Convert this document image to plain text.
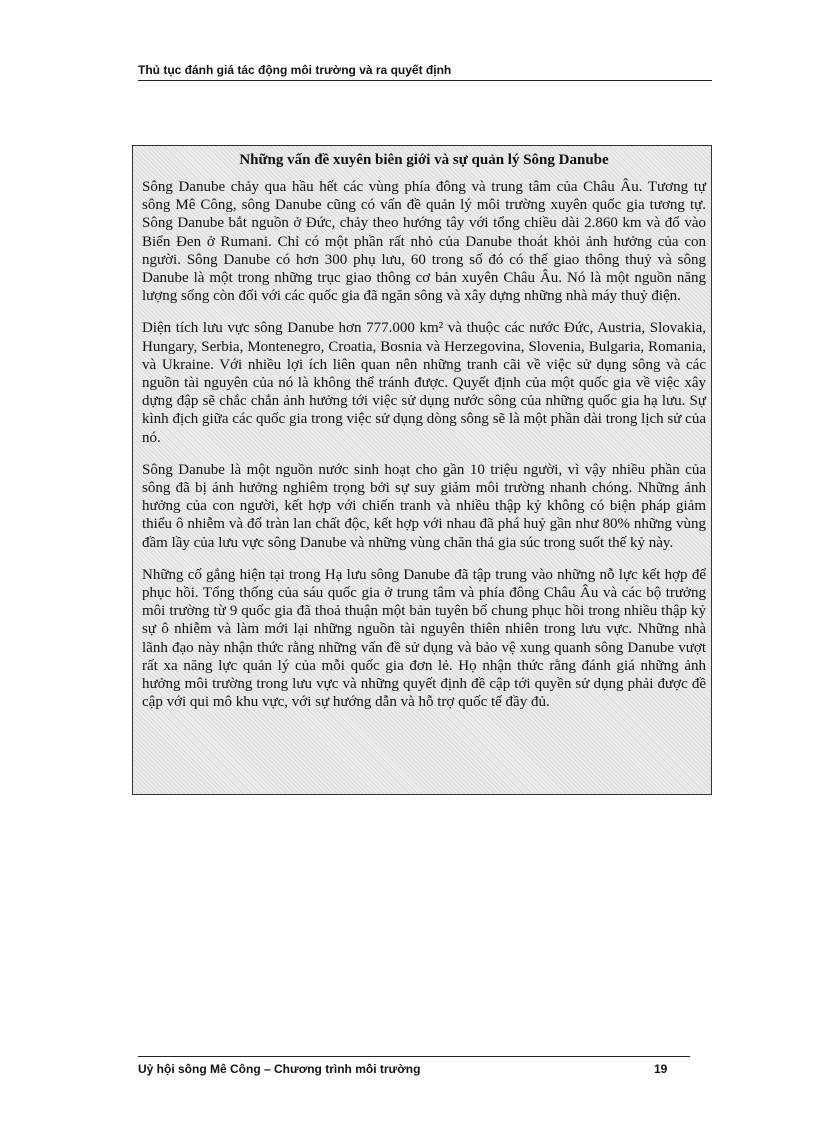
Thủ tục đánh giá tác động môi trường và ra quyết định
Những vấn đề xuyên biên giới và sự quản lý Sông Danube

Sông Danube chảy qua hầu hết các vùng phía đông và trung tâm của Châu Âu. Tương tự sông Mê Công, sông Danube cũng có vấn đề quản lý môi trường xuyên quốc gia tương tự. Sông Danube bắt nguồn ở Đức, chảy theo hướng tây với tổng chiều dài 2.860 km và đổ vào Biển Đen ở Rumani. Chỉ có một phần rất nhỏ của Danube thoát khỏi ảnh hưởng của con người. Sông Danube có hơn 300 phụ lưu, 60 trong số đó có thể giao thông thuỷ và sông Danube là một trong những trục giao thông cơ bản xuyên Châu Âu. Nó là một nguồn năng lượng sống còn đối với các quốc gia đã ngăn sông và xây dựng những nhà máy thuỷ điện.

Diện tích lưu vực sông Danube hơn 777.000 km² và thuộc các nước Đức, Austria, Slovakia, Hungary, Serbia, Montenegro, Croatia, Bosnia và Herzegovina, Slovenia, Bulgaria, Romania, và Ukraine. Với nhiều lợi ích liên quan nên những tranh cãi về việc sử dụng sông và các nguồn tài nguyên của nó là không thể tránh được. Quyết định của một quốc gia về việc xây dựng đập sẽ chắc chắn ảnh hưởng tới việc sử dụng nước sông của những quốc gia hạ lưu. Sự kình địch giữa các quốc gia trong việc sử dụng dòng sông sẽ là một phần dài trong lịch sử của nó.

Sông Danube là một nguồn nước sinh hoạt cho gần 10 triệu người, vì vậy nhiều phần của sông đã bị ảnh hưởng nghiêm trọng bởi sự suy giảm môi trường nhanh chóng. Những ảnh hưởng của con người, kết hợp với chiến tranh và nhiều thập kỷ không có biện pháp giảm thiểu ô nhiễm và đổ tràn lan chất độc, kết hợp với nhau đã phá huỷ gần như 80% những vùng đầm lầy của lưu vực sông Danube và những vùng chăn thả gia súc trong suốt thế kỷ này.

Những cố gắng hiện tại trong Hạ lưu sông Danube đã tập trung vào những nỗ lực kết hợp để phục hồi. Tổng thống của sáu quốc gia ở trung tâm và phía đông Châu Âu và các bộ trưởng môi trường từ 9 quốc gia đã thoả thuận một bản tuyên bố chung phục hồi trong nhiều thập kỷ sự ô nhiễm và làm mới lại những nguồn tài nguyên thiên nhiên trong lưu vực. Những nhà lãnh đạo này nhận thức rằng những vấn đề sử dụng và bảo vệ xung quanh sông Danube vượt rất xa năng lực quản lý của mỗi quốc gia đơn lẻ. Họ nhận thức rằng đánh giá những ảnh hưởng môi trường trong lưu vực và những quyết định đề cập tới quyền sử dụng phải được đề cập với qui mô khu vực, với sự hướng dẫn và hỗ trợ quốc tế đầy đủ.

Uỷ hội sông Mê Công – Chương trình môi trường	19
